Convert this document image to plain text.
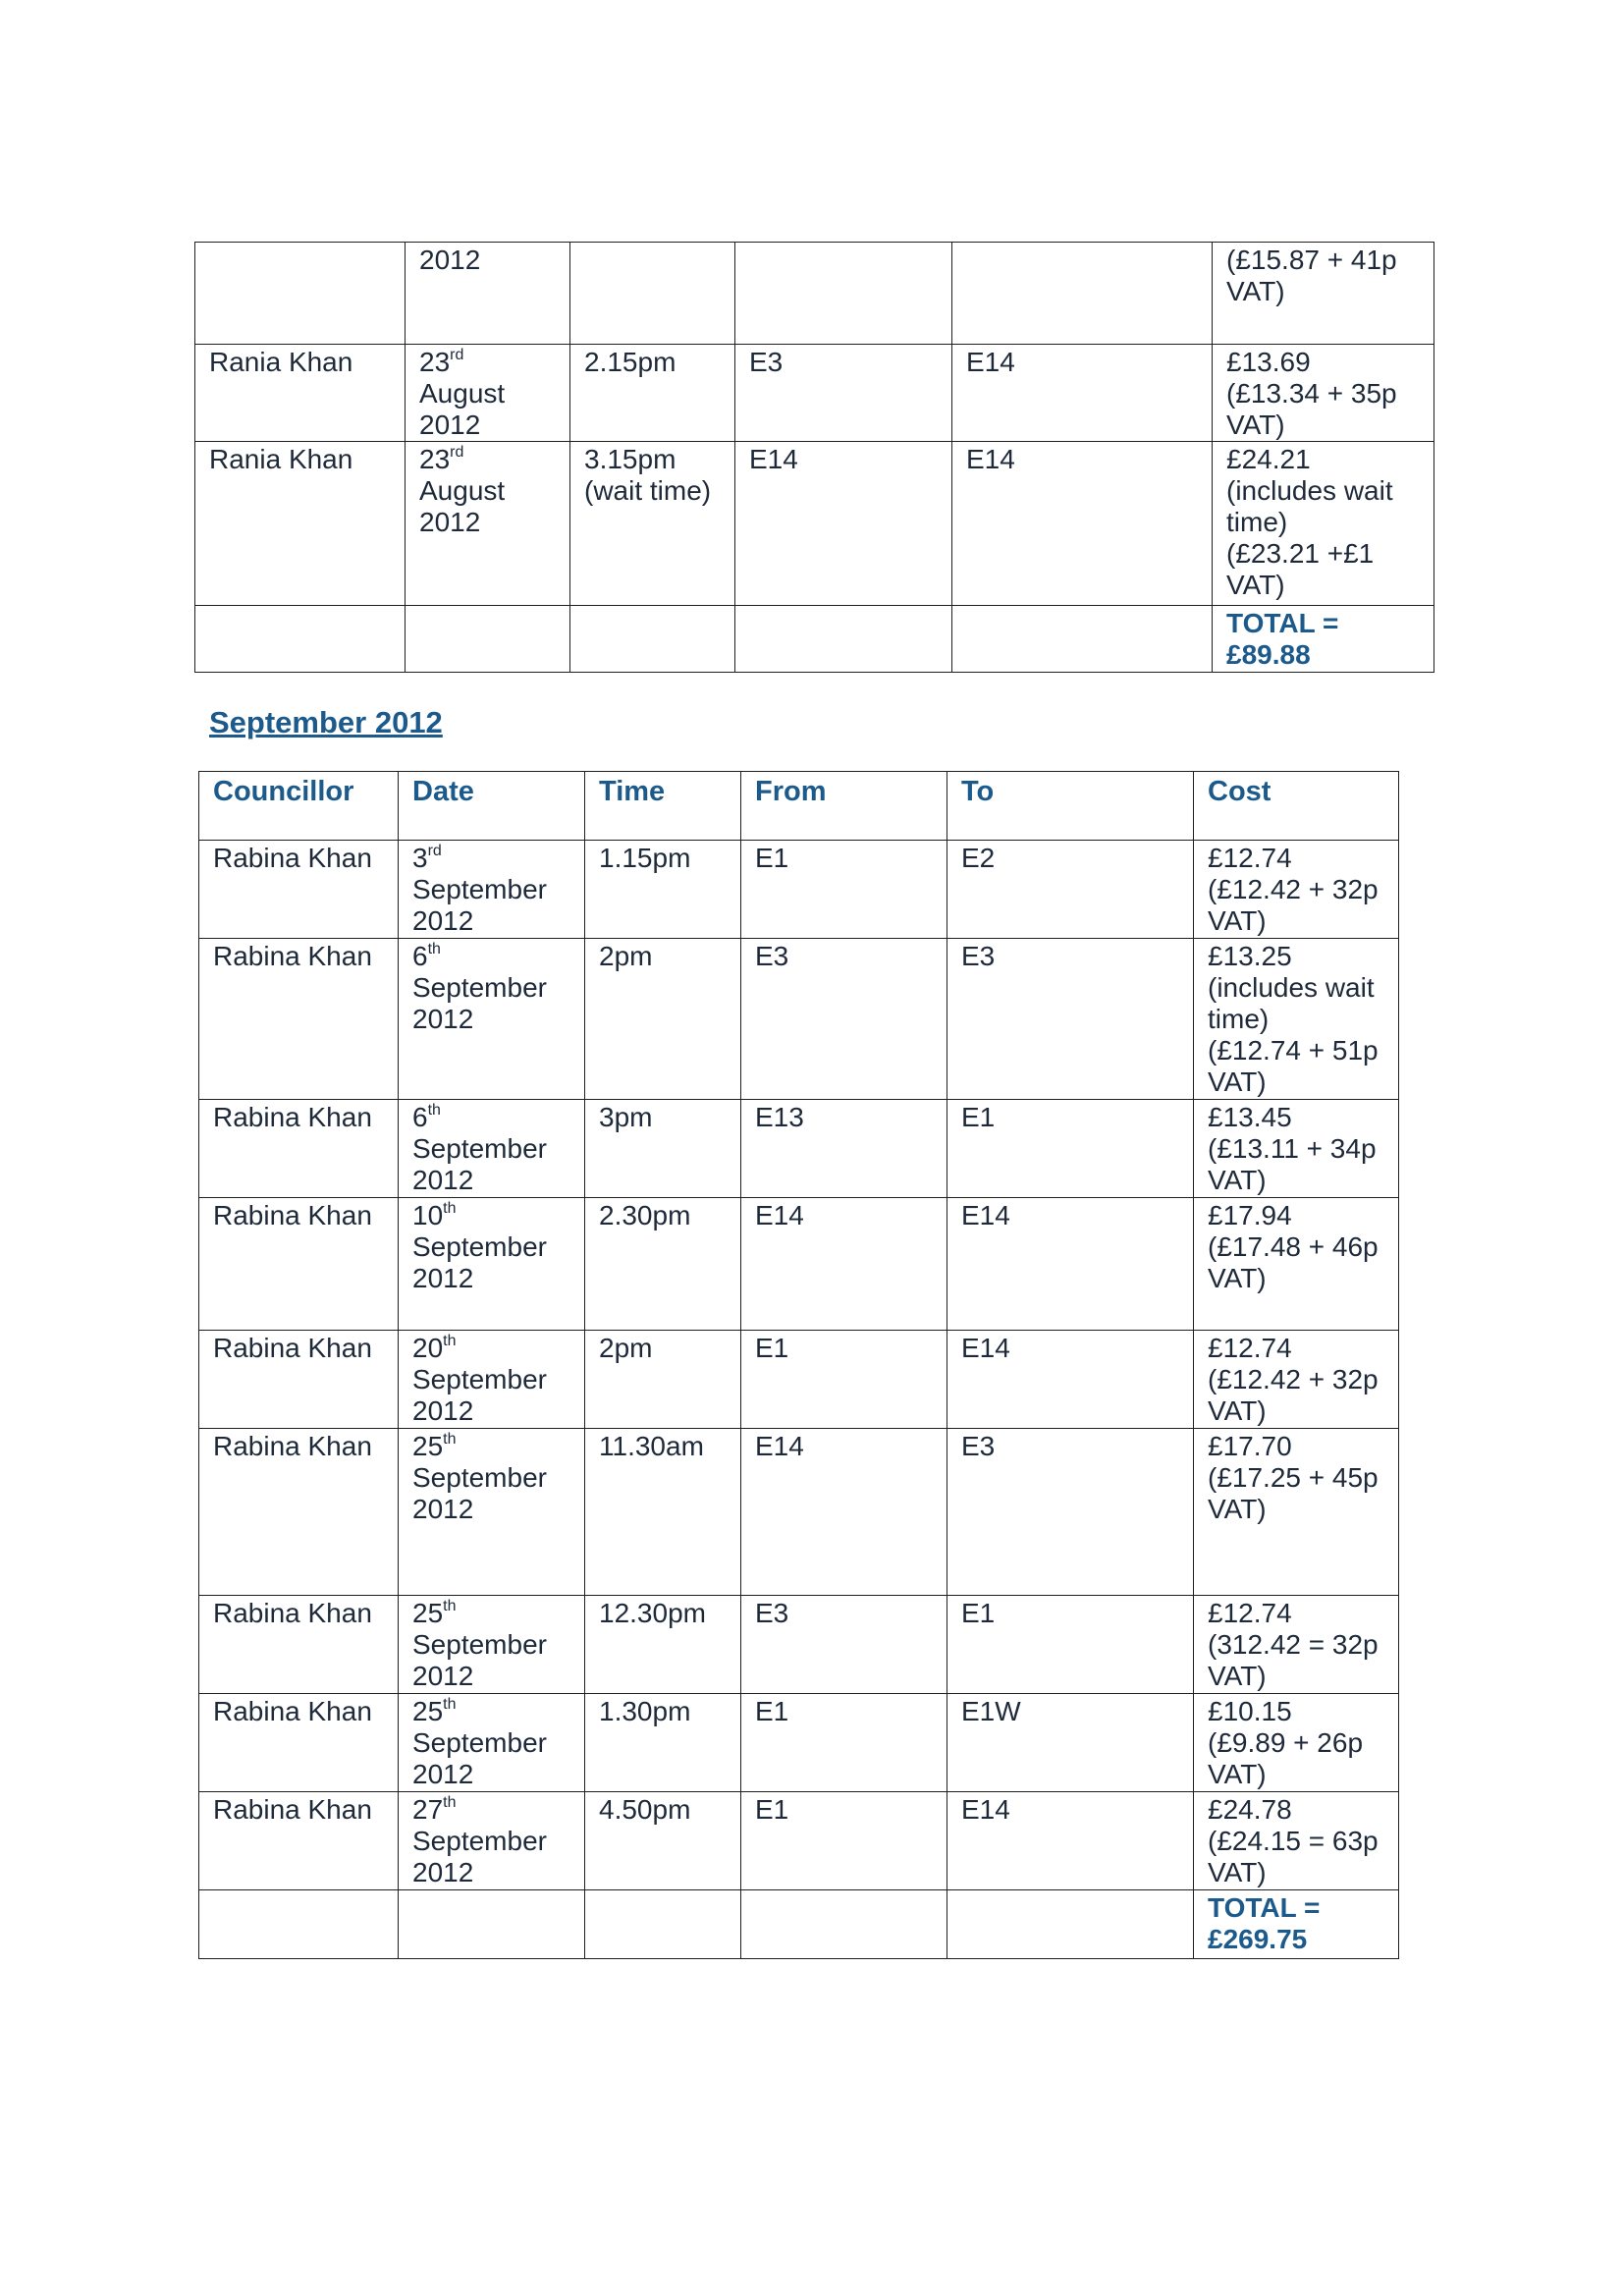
	2012				(£15.87 + 41p
VAT)

Rania Khan	23rd
August
2012	2.15pm	E3	E14	£13.69
(£13.34 + 35p
VAT)

Rania Khan	23rd
August
2012	3.15pm
(wait time)	E14	E14	£24.21
(includes wait
time)
(£23.21 +£1
VAT)

					TOTAL =
£89.88
September 2012
Councillor	Date	Time	From	To	Cost
Rabina Khan	3rd
September
2012	1.15pm	E1	E2	£12.74
(£12.42 + 32p
VAT)

Rabina Khan	6th
September
2012	2pm	E3	E3	£13.25
(includes wait
time)
(£12.74 + 51p
VAT)

Rabina Khan	6th
September
2012	3pm	E13	E1	£13.45
(£13.11 + 34p
VAT)

Rabina Khan	10th
September
2012	2.30pm	E14	E14	£17.94
(£17.48 + 46p
VAT)

Rabina Khan	20th
September
2012	2pm	E1	E14	£12.74
(£12.42 + 32p
VAT)

Rabina Khan	25th
September
2012	11.30am	E14	E3	£17.70
(£17.25 + 45p
VAT)

Rabina Khan	25th
September
2012	12.30pm	E3	E1	£12.74
(312.42 = 32p
VAT)

Rabina Khan	25th
September
2012	1.30pm	E1	E1W	£10.15
(£9.89 + 26p
VAT)

Rabina Khan	27th
September
2012	4.50pm	E1	E14	£24.78
(£24.15 = 63p
VAT)

					TOTAL =
£269.75
